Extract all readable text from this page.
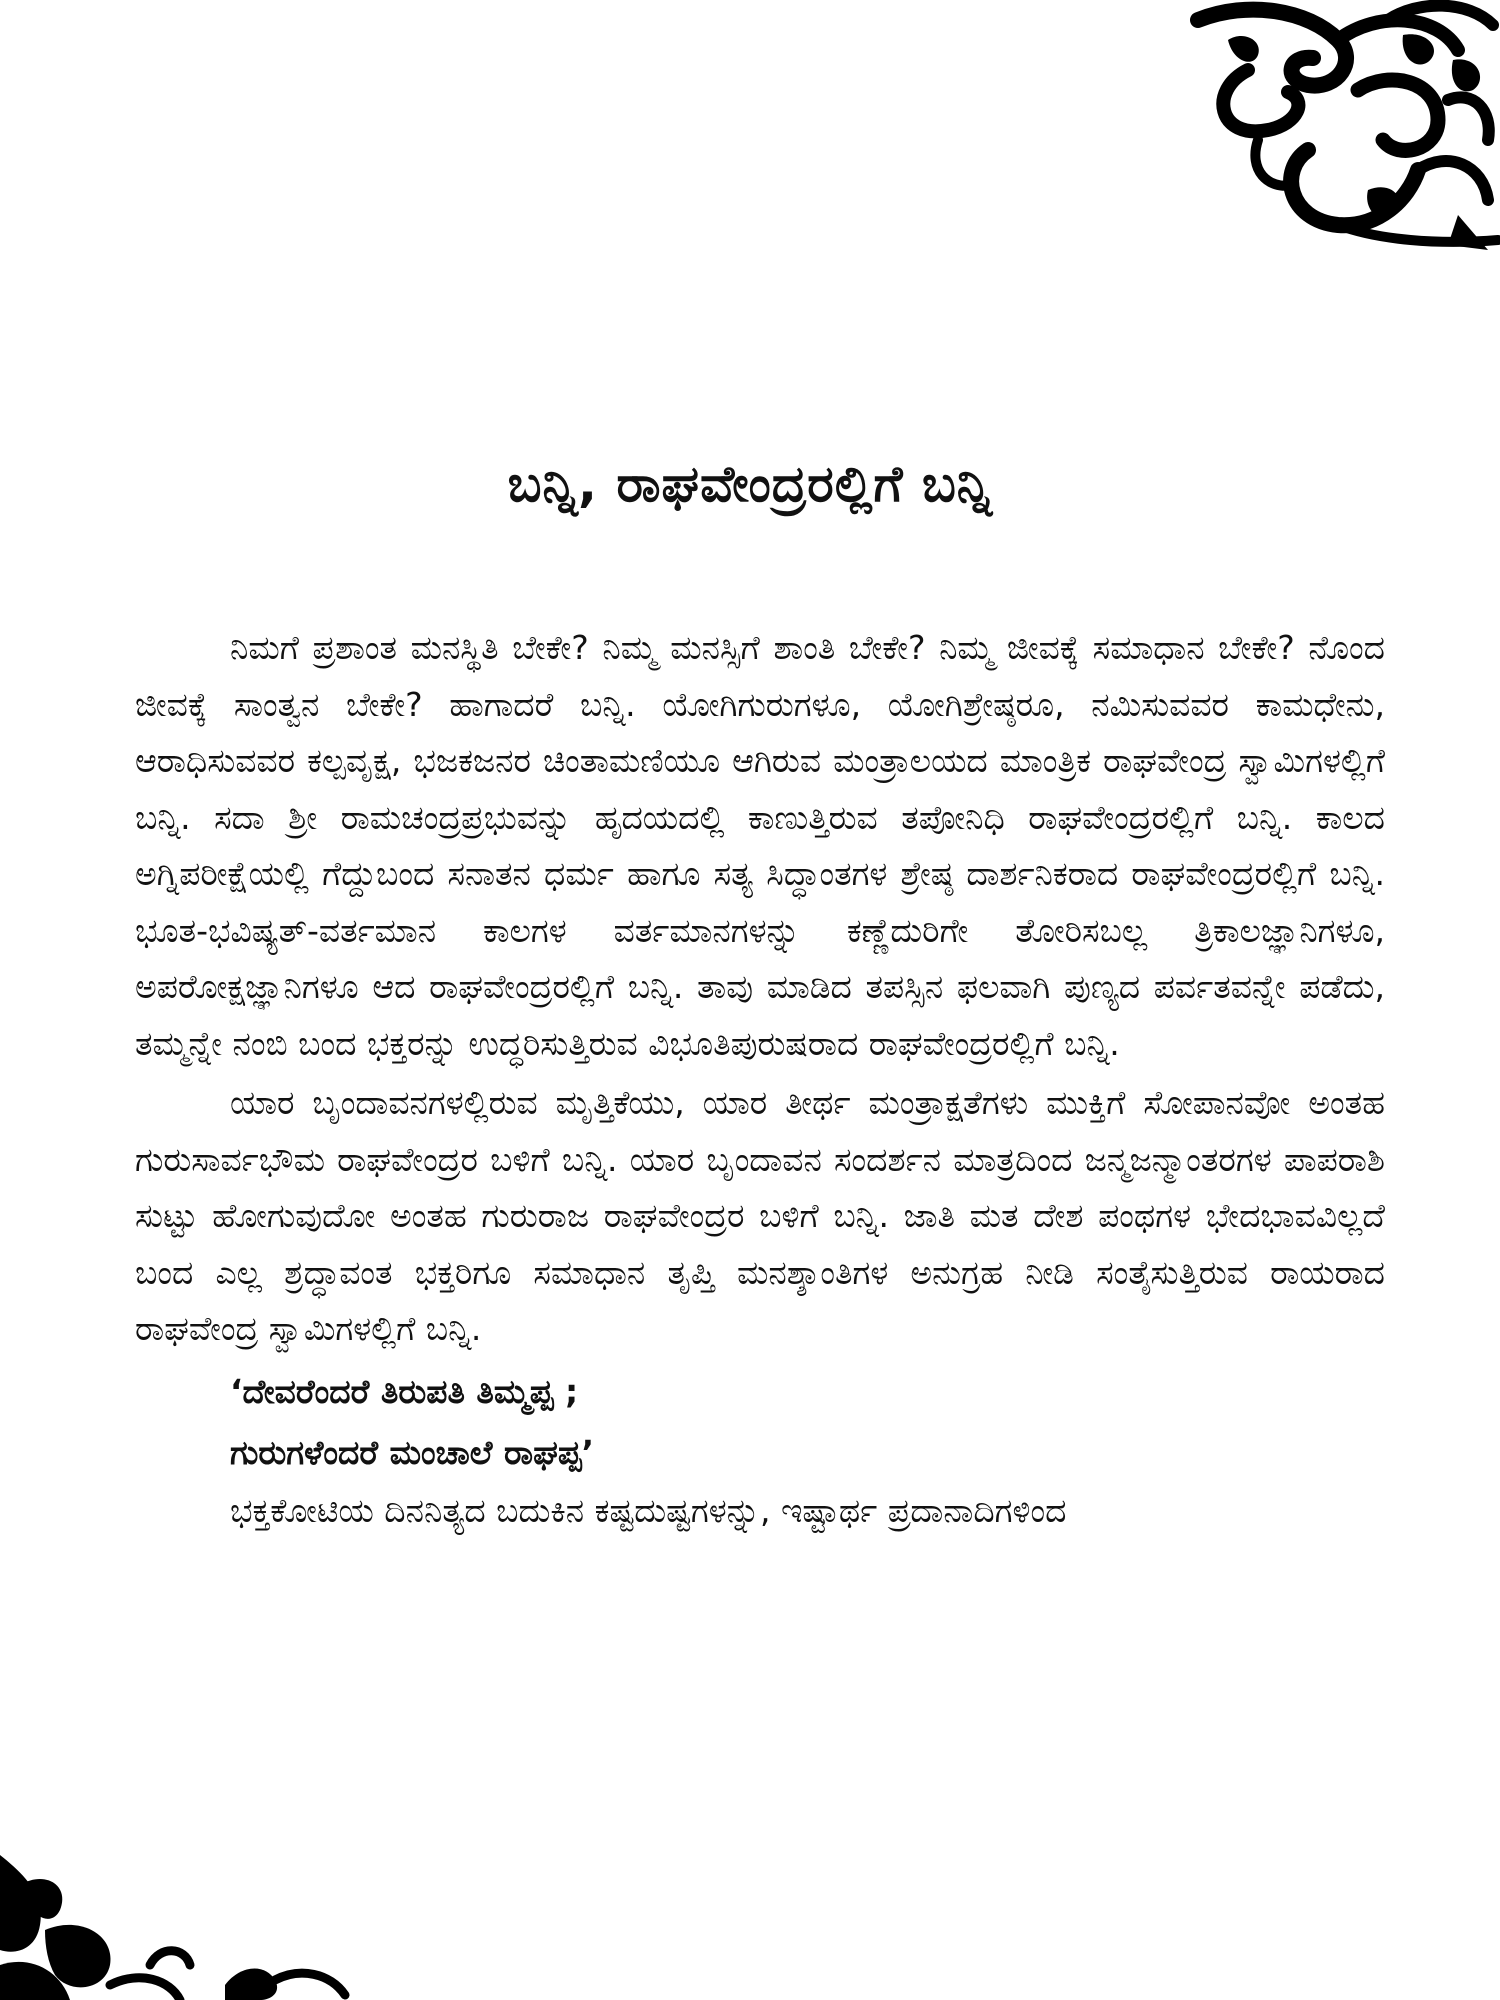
ಬನ್ನಿ, ರಾಘವೇಂದ್ರರಲ್ಲಿಗೆ ಬನ್ನಿ

ನಿಮಗೆ ಪ್ರಶಾಂತ ಮನಸ್ಥಿತಿ ಬೇಕೇ? ನಿಮ್ಮ ಮನಸ್ಸಿಗೆ ಶಾಂತಿ ಬೇಕೇ? ನಿಮ್ಮ ಜೀವಕ್ಕೆ ಸಮಾಧಾನ ಬೇಕೇ? ನೊಂದ ಜೀವಕ್ಕೆ ಸಾಂತ್ವನ ಬೇಕೇ? ಹಾಗಾದರೆ ಬನ್ನಿ. ಯೋಗಿಗುರುಗಳೂ, ಯೋಗಿಶ್ರೇಷ್ಠರೂ, ನಮಿಸುವವರ ಕಾಮಧೇನು, ಆರಾಧಿಸುವವರ ಕಲ್ಪವೃಕ್ಷ, ಭಜಕಜನರ ಚಿಂತಾಮಣಿಯೂ ಆಗಿರುವ ಮಂತ್ರಾಲಯದ ಮಾಂತ್ರಿಕ ರಾಘವೇಂದ್ರ ಸ್ವಾಮಿಗಳಲ್ಲಿಗೆ ಬನ್ನಿ. ಸದಾ ಶ್ರೀ ರಾಮಚಂದ್ರಪ್ರಭುವನ್ನು ಹೃದಯದಲ್ಲಿ ಕಾಣುತ್ತಿರುವ ತಪೋನಿಧಿ ರಾಘವೇಂದ್ರರಲ್ಲಿಗೆ ಬನ್ನಿ. ಕಾಲದ ಅಗ್ನಿಪರೀಕ್ಷೆಯಲ್ಲಿ ಗೆದ್ದುಬಂದ ಸನಾತನ ಧರ್ಮ ಹಾಗೂ ಸತ್ಯ ಸಿದ್ಧಾಂತಗಳ ಶ್ರೇಷ್ಠ ದಾರ್ಶನಿಕರಾದ ರಾಘವೇಂದ್ರರಲ್ಲಿಗೆ ಬನ್ನಿ. ಭೂತ-ಭವಿಷ್ಯತ್-ವರ್ತಮಾನ ಕಾಲಗಳ ವರ್ತಮಾನಗಳನ್ನು ಕಣ್ಣೆದುರಿಗೇ ತೋರಿಸಬಲ್ಲ ತ್ರಿಕಾಲಜ್ಞಾನಿಗಳೂ, ಅಪರೋಕ್ಷಜ್ಞಾನಿಗಳೂ ಆದ ರಾಘವೇಂದ್ರರಲ್ಲಿಗೆ ಬನ್ನಿ. ತಾವು ಮಾಡಿದ ತಪಸ್ಸಿನ ಫಲವಾಗಿ ಪುಣ್ಯದ ಪರ್ವತವನ್ನೇ ಪಡೆದು, ತಮ್ಮನ್ನೇ ನಂಬಿ ಬಂದ ಭಕ್ತರನ್ನು ಉದ್ಧರಿಸುತ್ತಿರುವ ವಿಭೂತಿಪುರುಷರಾದ ರಾಘವೇಂದ್ರರಲ್ಲಿಗೆ ಬನ್ನಿ.

ಯಾರ ಬೃಂದಾವನಗಳಲ್ಲಿರುವ ಮೃತ್ತಿಕೆಯು, ಯಾರ ತೀರ್ಥ ಮಂತ್ರಾಕ್ಷತೆಗಳು ಮುಕ್ತಿಗೆ ಸೋಪಾನವೋ ಅಂತಹ ಗುರುಸಾರ್ವಭೌಮ ರಾಘವೇಂದ್ರರ ಬಳಿಗೆ ಬನ್ನಿ. ಯಾರ ಬೃಂದಾವನ ಸಂದರ್ಶನ ಮಾತ್ರದಿಂದ ಜನ್ಮಜನ್ಮಾಂತರಗಳ ಪಾಪರಾಶಿ ಸುಟ್ಟು ಹೋಗುವುದೋ ಅಂತಹ ಗುರುರಾಜ ರಾಘವೇಂದ್ರರ ಬಳಿಗೆ ಬನ್ನಿ. ಜಾತಿ ಮತ ದೇಶ ಪಂಥಗಳ ಭೇದಭಾವವಿಲ್ಲದೆ ಬಂದ ಎಲ್ಲ ಶ್ರದ್ಧಾವಂತ ಭಕ್ತರಿಗೂ ಸಮಾಧಾನ ತೃಪ್ತಿ ಮನಶ್ಶಾಂತಿಗಳ ಅನುಗ್ರಹ ನೀಡಿ ಸಂತೈಸುತ್ತಿರುವ ರಾಯರಾದ ರಾಘವೇಂದ್ರ ಸ್ವಾಮಿಗಳಲ್ಲಿಗೆ ಬನ್ನಿ.

‘ದೇವರೆಂದರೆ ತಿರುಪತಿ ತಿಮ್ಮಪ್ಪ ;

ಗುರುಗಳೆಂದರೆ ಮಂಚಾಲೆ ರಾಘಪ್ಪ’

ಭಕ್ತಕೋಟಿಯ ದಿನನಿತ್ಯದ ಬದುಕಿನ ಕಷ್ಟದುಷ್ಟಗಳನ್ನು, ಇಷ್ಟಾರ್ಥ ಪ್ರದಾನಾದಿಗಳಿಂದ
